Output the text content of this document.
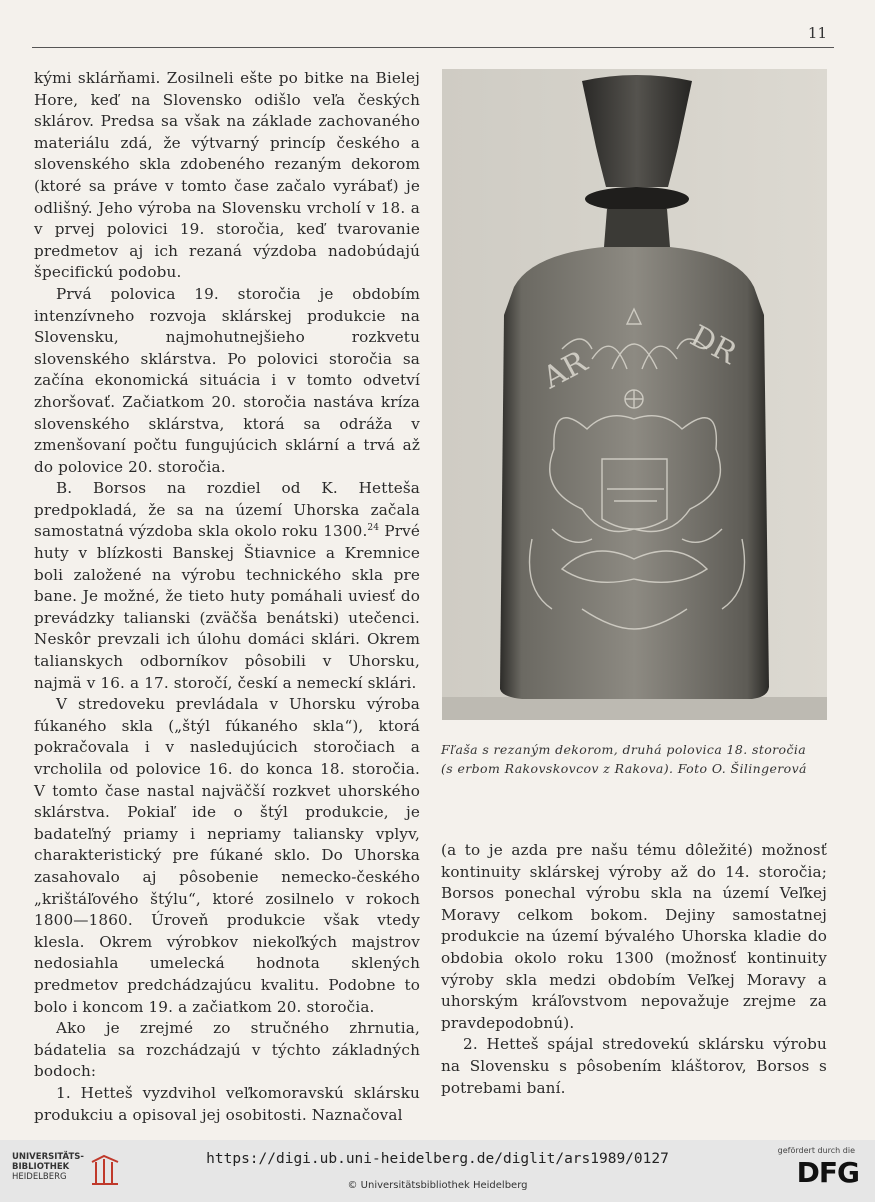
11

kými sklárňami. Zosilneli ešte po bitke na Bielej Hore, keď na Slovensko odišlo veľa českých sklárov. Predsa sa však na základe zachovaného materiálu zdá, že výtvarný princíp českého a slovenského skla zdobeného rezaným dekorom (ktoré sa práve v tomto čase začalo vyrábať) je odlišný. Jeho výroba na Slovensku vrcholí v 18. a v prvej polovici 19. storočia, keď tvarovanie predmetov aj ich rezaná výzdoba nadobúdajú špecifickú podobu.

Prvá polovica 19. storočia je obdobím intenzívneho rozvoja sklárskej produkcie na Slovensku, najmohutnejšieho rozkvetu slovenského sklárstva. Po polovici storočia sa začína ekonomická situácia i v tomto odvetví zhoršovať. Začiatkom 20. storočia nastáva kríza slovenského sklárstva, ktorá sa odráža v zmenšovaní počtu fungujúcich sklární a trvá až do polovice 20. storočia.

B. Borsos na rozdiel od K. Hetteša predpokladá, že sa na území Uhorska začala samostatná výzdoba skla okolo roku 1300.24 Prvé huty v blízkosti Banskej Štiavnice a Kremnice boli založené na výrobu technického skla pre bane. Je možné, že tieto huty pomáhali uviesť do prevádzky talianski (zväčša benátski) utečenci. Neskôr prevzali ich úlohu domáci sklári. Okrem talianskych odborníkov pôsobili v Uhorsku, najmä v 16. a 17. storočí, českí a nemeckí sklári.

V stredoveku prevládala v Uhorsku výroba fúkaného skla („štýl fúkaného skla“), ktorá pokračovala i v nasledujúcich storočiach a vrcholila od polovice 16. do konca 18. storočia. V tomto čase nastal najväčší rozkvet uhorského sklárstva. Pokiaľ ide o štýl produkcie, je badateľný priamy i nepriamy taliansky vplyv, charakteristický pre fúkané sklo. Do Uhorska zasahovalo aj pôsobenie nemecko-českého „krištáľového štýlu“, ktoré zosilnelo v rokoch 1800—1860. Úroveň produkcie však vtedy klesla. Okrem výrobkov niekoľkých majstrov nedosiahla umelecká hodnota sklených predmetov predchádzajúcu kvalitu. Podobne to bolo i koncom 19. a začiatkom 20. storočia.

Ako je zrejmé zo stručného zhrnutia, bádatelia sa rozchádzajú v týchto základných bodoch:

1. Hetteš vyzdvihol veľkomoravskú sklársku produkciu a opisoval jej osobitosti. Naznačoval

AR	DR
Fľaša s rezaným dekorom, druhá polovica 18. storočia
(s erbom Rakovskovcov z Rakova). Foto O. Šilingerová

(a to je azda pre našu tému dôležité) možnosť kontinuity sklárskej výroby až do 14. storočia; Borsos ponechal výrobu skla na území Veľkej Moravy celkom bokom. Dejiny samostatnej produkcie na území bývalého Uhorska kladie do obdobia okolo roku 1300 (možnosť kontinuity výroby skla medzi obdobím Veľkej Moravy a uhorským kráľovstvom nepovažuje zrejme za pravdepodobnú).

2. Hetteš spájal stredovekú sklársku výrobu na Slovensku s pôsobením kláštorov, Borsos s potrebami baní.

UNIVERSITÄTS-
BIBLIOTHEK
HEIDELBERG
https://digi.ub.uni-heidelberg.de/diglit/ars1989/0127
© Universitätsbibliothek Heidelberg
gefördert durch die
DFG
